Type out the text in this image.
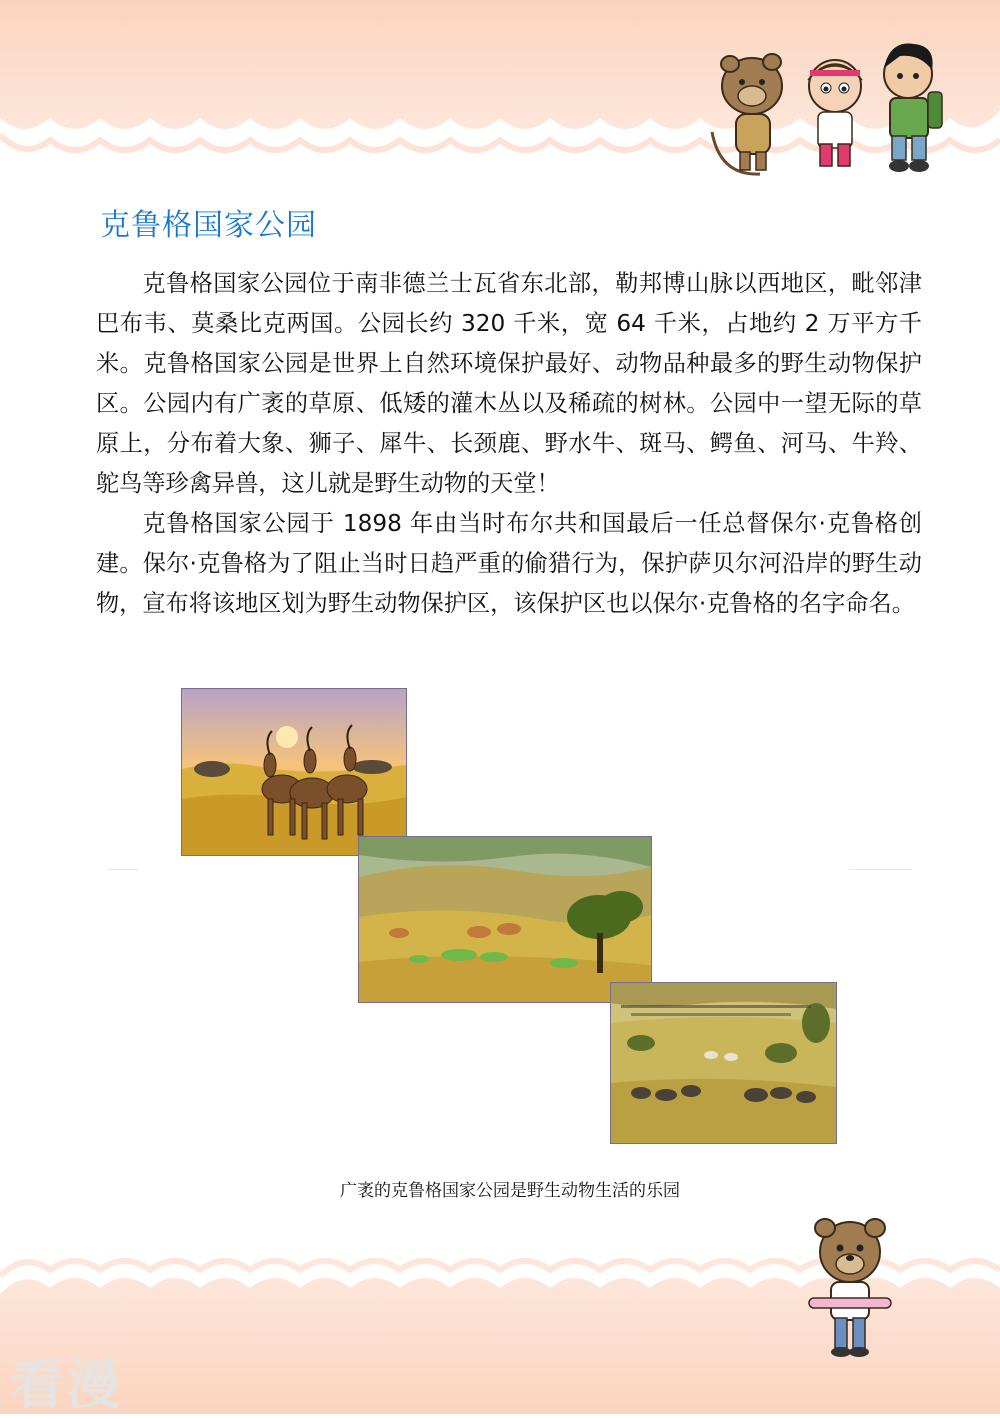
克鲁格国家公园

克鲁格国家公园位于南非德兰士瓦省东北部，勒邦博山脉以西地区，毗邻津巴布韦、莫桑比克两国。公园长约 320 千米，宽 64 千米，占地约 2 万平方千米。克鲁格国家公园是世界上自然环境保护最好、动物品种最多的野生动物保护区。公园内有广袤的草原、低矮的灌木丛以及稀疏的树林。公园中一望无际的草原上，分布着大象、狮子、犀牛、长颈鹿、野水牛、斑马、鳄鱼、河马、牛羚、鸵鸟等珍禽异兽，这儿就是野生动物的天堂！

克鲁格国家公园于 1898 年由当时布尔共和国最后一任总督保尔·克鲁格创建。保尔·克鲁格为了阻止当时日趋严重的偷猎行为，保护萨贝尔河沿岸的野生动物，宣布将该地区划为野生动物保护区，该保护区也以保尔·克鲁格的名字命名。

广袤的克鲁格国家公园是野生动物生活的乐园
看漫
